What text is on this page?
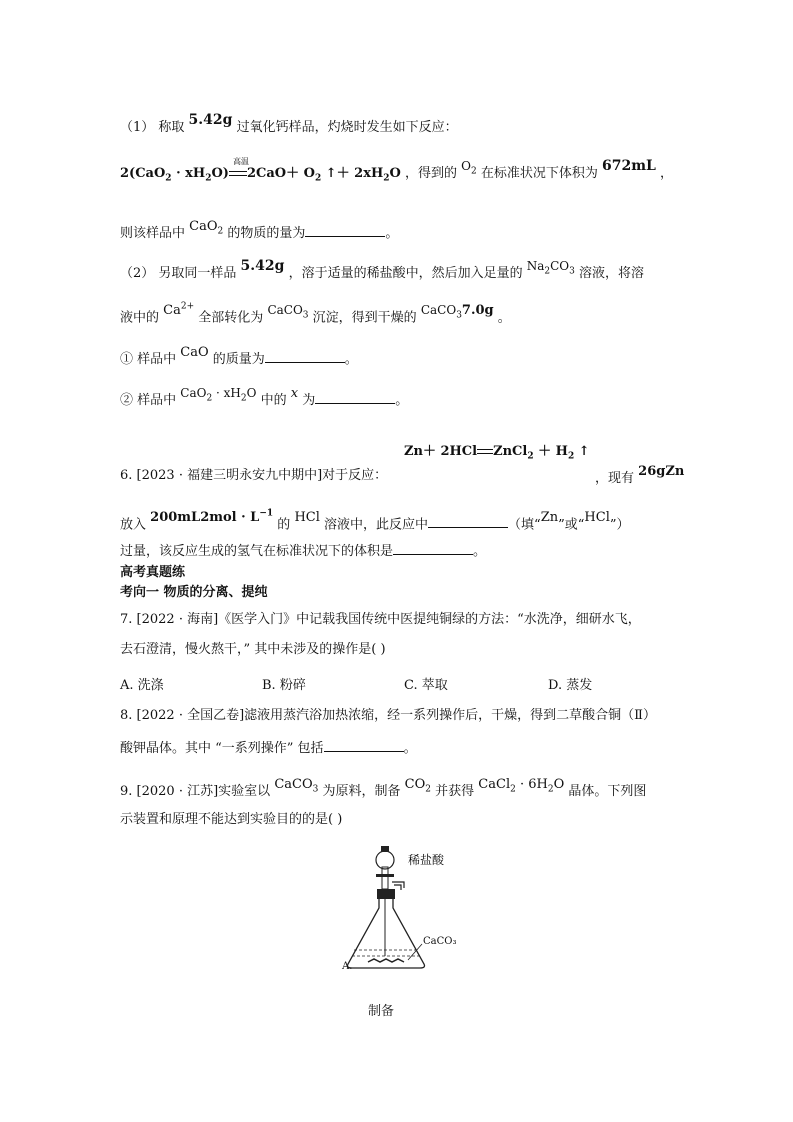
（1） 称取 5.42g 过氧化钙样品，灼烧时发生如下反应：
$2(CaO_2 \cdot xH_2O)$
高温
$2CaO+ O_2$ ↑＋ $2xH_2O$ ，得到的 $O_2$ 在标准状况下体积为 672mL ，
则该样品中 CaO$_2$ 的物质的量为	。
（2） 另取同一样品 5.42g ，溶于适量的稀盐酸中，然后加入足量的 $Na_2CO_3$ 溶液，将溶
液中的 $Ca^{2+}$ 全部转化为 CaCO$_3$ 沉淀，得到干燥的 CaCO$_3$7.0g 。
① 样品中 CaO 的质量为	。
② 样品中 $CaO_2 \cdot xH_2O$ 中的 x 为	。
Zn＋ 2HCl ZnCl$_2$ ＋ $H_2$ ↑
6. [2023 · 福建三明永安九中期中]对于反应：	，现有 26gZn
放入 $200mL2mol \cdot L^{-1}$ 的 HCl 溶液中，此反应中	（填“Zn”或“HCl”）
过量，该反应生成的氢气在标准状况下的体积是	。
高考真题练
考向一 物质的分离、提纯
7. [2022 · 海南]《医学入门》中记载我国传统中医提纯铜绿的方法：“水洗净，细研水飞，
去石澄清，慢火熬干，” 其中未涉及的操作是( )
A. 洗涤	B. 粉碎	C. 萃取	D. 蒸发
8. [2022 · 全国乙卷]滤液用蒸汽浴加热浓缩，经一系列操作后，干燥，得到二草酸合铜（Ⅱ）
酸钾晶体。其中 “一系列操作” 包括	。
9. [2020 · 江苏]实验室以 CaCO$_3$ 为原料，制备 $CO_2$ 并获得 CaCl$_2$ · $6H_2O$ 晶体。下列图
示装置和原理不能达到实验目的的是( )
稀盐酸
CaCO₃
A.
制备
